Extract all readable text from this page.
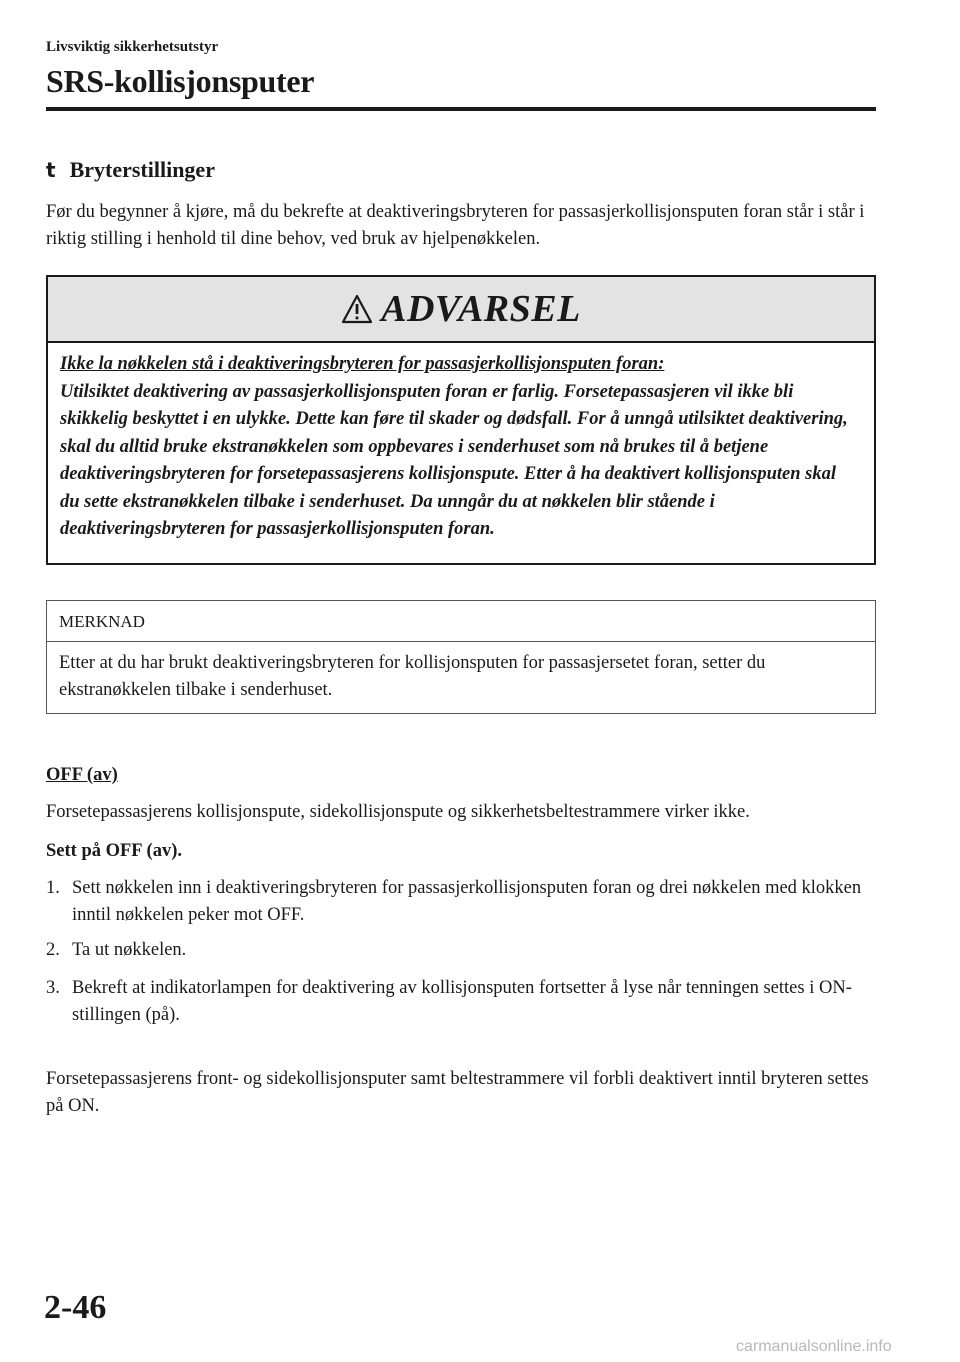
Livsviktig sikkerhetsutstyr
SRS-kollisjonsputer
t Bryterstillinger
Før du begynner å kjøre, må du bekrefte at deaktiveringsbryteren for passasjerkollisjonsputen foran står i står i riktig stilling i henhold til dine behov, ved bruk av hjelpenøkkelen.
ADVARSEL
Ikke la nøkkelen stå i deaktiveringsbryteren for passasjerkollisjonsputen foran:
Utilsiktet deaktivering av passasjerkollisjonsputen foran er farlig. Forsetepassasjeren vil ikke bli skikkelig beskyttet i en ulykke. Dette kan føre til skader og dødsfall. For å unngå utilsiktet deaktivering, skal du alltid bruke ekstranøkkelen som oppbevares i senderhuset som nå brukes til å betjene deaktiveringsbryteren for forsetepassasjerens kollisjonspute. Etter å ha deaktivert kollisjonsputen skal du sette ekstranøkkelen tilbake i senderhuset. Da unngår du at nøkkelen blir stående i deaktiveringsbryteren for passasjerkollisjonsputen foran.
MERKNAD
Etter at du har brukt deaktiveringsbryteren for kollisjonsputen for passasjersetet foran, setter du ekstranøkkelen tilbake i senderhuset.
OFF (av)
Forsetepassasjerens kollisjonspute, sidekollisjonspute og sikkerhetsbeltestrammere virker ikke.
Sett på OFF (av).
1. Sett nøkkelen inn i deaktiveringsbryteren for passasjerkollisjonsputen foran og drei nøkkelen med klokken inntil nøkkelen peker mot OFF.
2. Ta ut nøkkelen.
3. Bekreft at indikatorlampen for deaktivering av kollisjonsputen fortsetter å lyse når tenningen settes i ON-stillingen (på).
Forsetepassasjerens front- og sidekollisjonsputer samt beltestrammere vil forbli deaktivert inntil bryteren settes på ON.
2-46
carmanualsonline.info
